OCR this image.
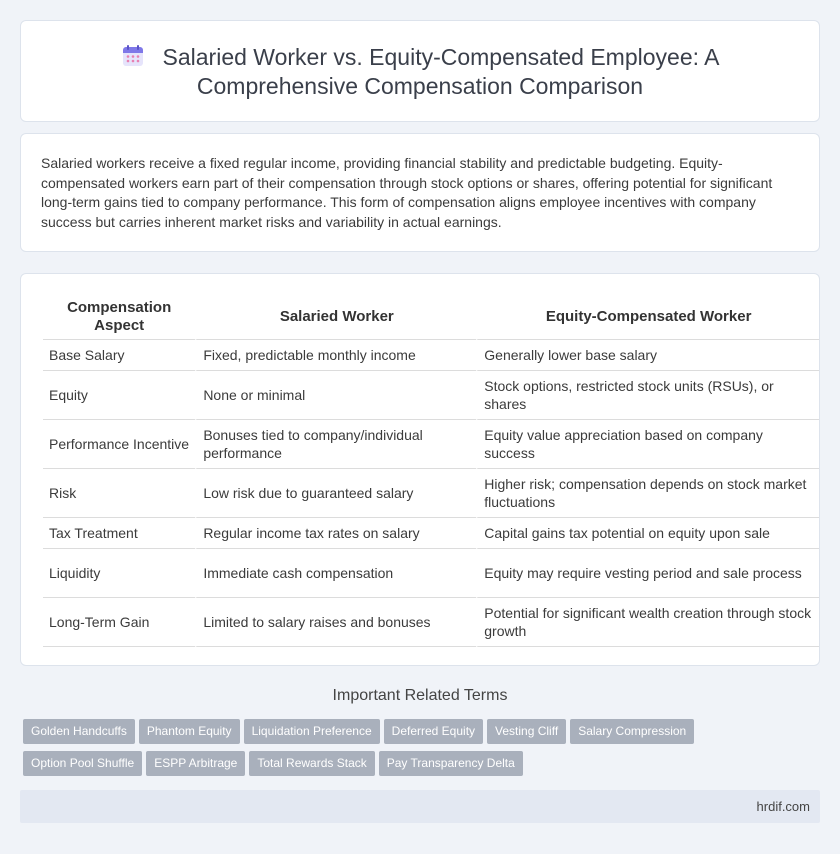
Salaried Worker vs. Equity-Compensated Employee: A
Comprehensive Compensation Comparison

Salaried workers receive a fixed regular income, providing financial stability and predictable budgeting. Equity-compensated workers earn part of their compensation through stock options or shares, offering potential for significant long-term gains tied to company performance. This form of compensation aligns employee incentives with company success but carries inherent market risks and variability in actual earnings.

Compensation Aspect	Salaried Worker	Equity-Compensated Worker
Base Salary	Fixed, predictable monthly income	Generally lower base salary
Equity	None or minimal	Stock options, restricted stock units (RSUs), or shares
Performance Incentive	Bonuses tied to company/individual performance	Equity value appreciation based on company success
Risk	Low risk due to guaranteed salary	Higher risk; compensation depends on stock market fluctuations
Tax Treatment	Regular income tax rates on salary	Capital gains tax potential on equity upon sale
Liquidity	Immediate cash compensation	Equity may require vesting period and sale process
Long-Term Gain	Limited to salary raises and bonuses	Potential for significant wealth creation through stock growth
Important Related Terms
Golden Handcuffs Phantom Equity Liquidation Preference Deferred Equity Vesting Cliff Salary Compression
Option Pool Shuffle ESPP Arbitrage Total Rewards Stack Pay Transparency Delta
hrdif.com
